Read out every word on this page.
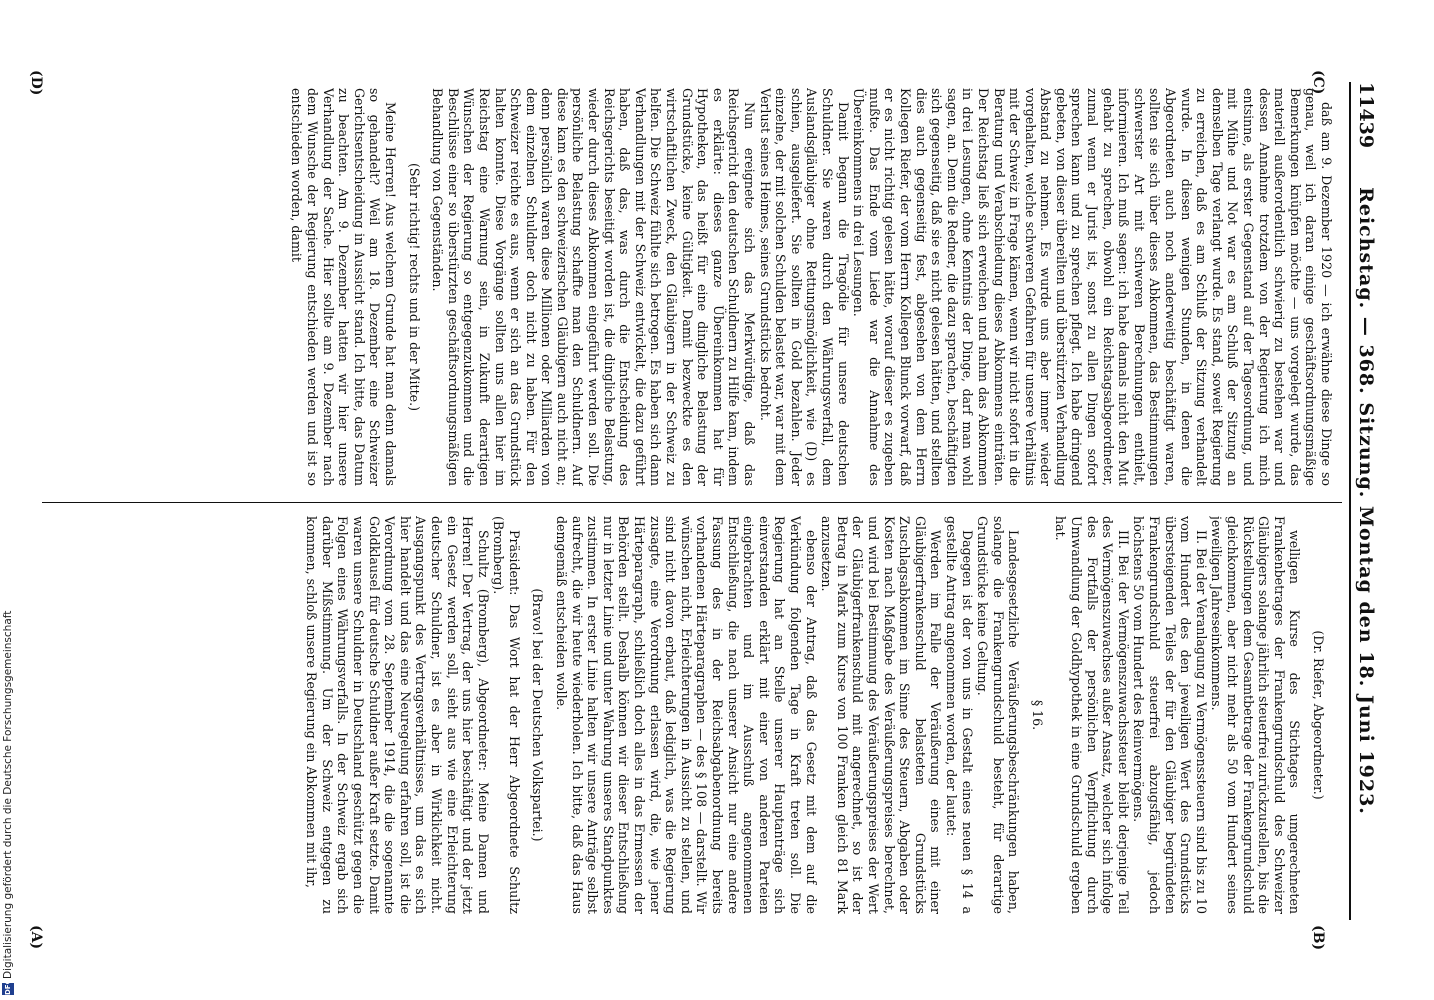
11439
Reichstag. — 368. Sitzung. Montag den 18. Juni 1923.
(C)
(B)
(A)
(D)

daß am 9. Dezember 1920 — ich erwähne diese Dinge so genau, weil ich daran einige geschäftsordnungsmäßige Bemerkungen knüpfen möchte — uns vorgelegt wurde, das materiell außerordentlich schwierig zu bestehen war und dessen Annahme trotzdem von der Regierung ich mich entsinne, als erster Gegenstand auf der Tagesordnung, und mit Mühe und Not war es am Schluß der Sitzung an demselben Tage verlangt wurde. Es stand, soweit Regierung zu erreichen, daß es am Schluß der Sitzung verhandelt wurde. In diesen wenigen Stunden, in denen die Abgeordneten auch noch anderweitig beschäftigt waren, sollten sie sich über dieses Abkommen, das Bestimmungen schwerster Art mit schweren Berechnungen enthielt, informieren. Ich muß sagen: ich habe damals nicht den Mut gehabt zu sprechen, obwohl ein Reichstagsabgeordneter, zumal wenn er Jurist ist, sonst zu allen Dingen sofort sprechen kann und zu sprechen pflegt. Ich habe dringend gebeten, von dieser übereilten und überstürzten Verhandlung Abstand zu nehmen. Es wurde uns aber immer wieder vorgehalten, welche schweren Gefahren für unsere Verhältnis mit der Schweiz in Frage kämen, wenn wir nicht sofort in die Beratung und Verabschiedung dieses Abkommens einträten. Der Reichstag ließ sich erweichen und nahm das Abkommen in drei Lesungen, ohne Kenntnis der Dinge, darf man wohl sagen, an. Denn die Redner, die dazu sprachen, beschäftigten sich gegenseitig, daß sie es nicht gelesen hätten, und stellten dies auch gegenseitig fest, abgesehen von dem Herrn Kollegen Riefer, der vom Herrn Kollegen Blunck vorwarf, daß er es nicht richtig gelesen hätte, worauf dieser es zugeben mußte. Das Ende vom Liede war die Annahme des Übereinkommens in drei Lesungen.

Damit begann die Tragödie für unsere deutschen Schuldner. Sie waren durch den Währungsverfall, dem Auslandsgläubiger ohne Rettungsmöglichkeit, wie (D) es schien, ausgeliefert. Sie sollten in Gold bezahlen. Jeder einzelne, der mit solchen Schulden belastet war, war mit dem Verlust seines Heimes, seines Grundstücks bedroht.

Nun ereignete sich das Merkwürdige, daß das Reichsgericht den deutschen Schuldnern zu Hilfe kam, indem es erklärte: dieses ganze Übereinkommen hat für Hypotheken, das heißt für eine dingliche Belastung der Grundstücke, keine Gültigkeit. Damit bezweckte es den wirtschaftlichen Zweck, den Gläubigern in der Schweiz zu helfen. Die Schweiz fühlte sich betrogen. Es haben sich dann Verhandlungen mit der Schweiz entwickelt, die dazu geführt haben, daß das, was durch die Entscheidung des Reichsgerichts beseitigt worden ist, die dingliche Belastung, wieder durch dieses Abkommen eingeführt werden soll. Die persönliche Belastung schaffte man den Schuldnern. Auf diese kam es den schweizerischen Gläubigern auch nicht an; denn persönlich waren diese Millionen oder Milliarden von dem einzelnen Schuldner doch nicht zu haben. Für den Schweizer reichte es aus, wenn er sich an das Grundstück halten konnte. Diese Vorgänge sollten uns allen hier im Reichstag eine Warnung sein, in Zukunft derartigen Wünschen der Regierung so entgegenzukommen und die Beschlüsse einer so überstürzten geschäftsordnungsmäßigen Behandlung von Gegenständen.

(Sehr richtig! rechts und in der Mitte.)

Meine Herren! Aus welchem Grunde hat man denn damals so gehandelt? Weil am 18. Dezember eine Schweizer Gerichtsentscheidung in Aussicht stand. Ich bitte, das Datum zu beachten. Am 9. Dezember hatten wir hier unsere Verhandlung der Sache. Hier sollte am 9. Dezember nach dem Wunsche der Regierung entschieden werden und ist so entschieden worden, damit

(Dr. Riefer, Abgeordneter.)

welligen Kurse des Stichtages umgerechneten Frankenbetrages der Frankengrundschuld des Schweizer Gläubigers solange jährlich steuerfrei zurückzustellen, bis die Rückstellungen dem Gesamtbetrage der Frankengrundschuld gleichkommen, aber nicht mehr als 50 vom Hundert seines jeweiligen Jahreseinkommens.

II. Bei der Veranlagung zu Vermögenssteuern sind bis zu 10 vom Hundert des den jeweiligen Wert des Grundstücks übersteigenden Teiles der für den Gläubiger begründeten Frankengrundschuld steuerfrei abzugsfähig, jedoch höchstens 50 vom Hundert des Reinvermögens.

III. Bei der Vermögenszuwachssteuer bleibt derjenige Teil des Vermögenszuwachses außer Ansatz, welcher sich infolge des Fortfalls der persönlichen Verpflichtung durch Umwandlung der Goldhypothek in eine Grundschuld ergeben hat.

§ 16.

Landesgesetzliche Veräußerungsbeschränkungen haben, solange die Frankengrundschuld besteht, für derartige Grundstücke keine Geltung.

Dagegen ist der von uns in Gestalt eines neuen § 14 a gestellte Antrag angenommen worden, der lautet:

Werden im Falle der Veräußerung eines mit einer Gläubigerfrankenschuld belasteten Grundstücks Zuschlagsabkommen im Sinne des Steuern, Abgaben oder Kosten nach Maßgabe des Veräußerungspreises berechnet, und wird bei Bestimmung des Veräußerungspreises der Wert der Gläubigerfrankenschuld mit angerechnet, so ist der Betrag in Mark zum Kurse von 100 Franken gleich 81 Mark anzusetzen.

ebenso der Antrag, daß das Gesetz mit dem auf die Verkündung folgenden Tage in Kraft treten soll. Die Regierung hat an Stelle unserer Hauptanträge sich einverstanden erklärt mit einer von anderen Parteien eingebrachten und im Ausschuß angenommenen Entschließung, die nach unserer Ansicht nur eine andere Fassung des in der Reichsabgabenordnung bereits vorhandenen Härteparagraphen — des § 108 — darstellt. Wir wünschen nicht, Erleichterungen in Aussicht zu stellen, und sind nicht davon erbaut, daß lediglich, was die Regierung zusagte, eine Verordnung erlassen wird, die, wie jener Härteparagraph, schließlich doch alles in das Ermessen der Behörden stellt. Deshalb können wir dieser Entschließung nur in letzter Linie und unter Wahrung unseres Standpunktes zustimmen. In erster Linie halten wir unsere Anträge selbst aufrecht, die wir heute wiederholen. Ich bitte, daß das Haus demgemäß entscheiden wolle.

(Bravo! bei der Deutschen Volkspartei.)

Präsident: Das Wort hat der Herr Abgeordnete Schultz (Bromberg).

Schultz (Bromberg), Abgeordneter: Meine Damen und Herren! Der Vertrag, der uns hier beschäftigt und der jetzt ein Gesetz werden soll, sieht aus wie eine Erleichterung deutscher Schuldner, ist es aber in Wirklichkeit nicht. Ausgangspunkt des Vertragsverhältnisses, um das es sich hier handelt und das eine Neuregelung erfahren soll, ist die Verordnung vom 28. September 1914, die die sogenannte Goldklausel für deutsche Schuldner außer Kraft setzte. Damit waren unsere Schuldner in Deutschland geschützt gegen die Folgen eines Währungsverfalls. In der Schweiz ergab sich darüber Mißstimmung. Um der Schweiz entgegen zu kommen, schloß unsere Regierung ein Abkommen mit ihr,

DFG
Digitalisierung gefördert durch die Deutsche Forschungsgemeinschaft
